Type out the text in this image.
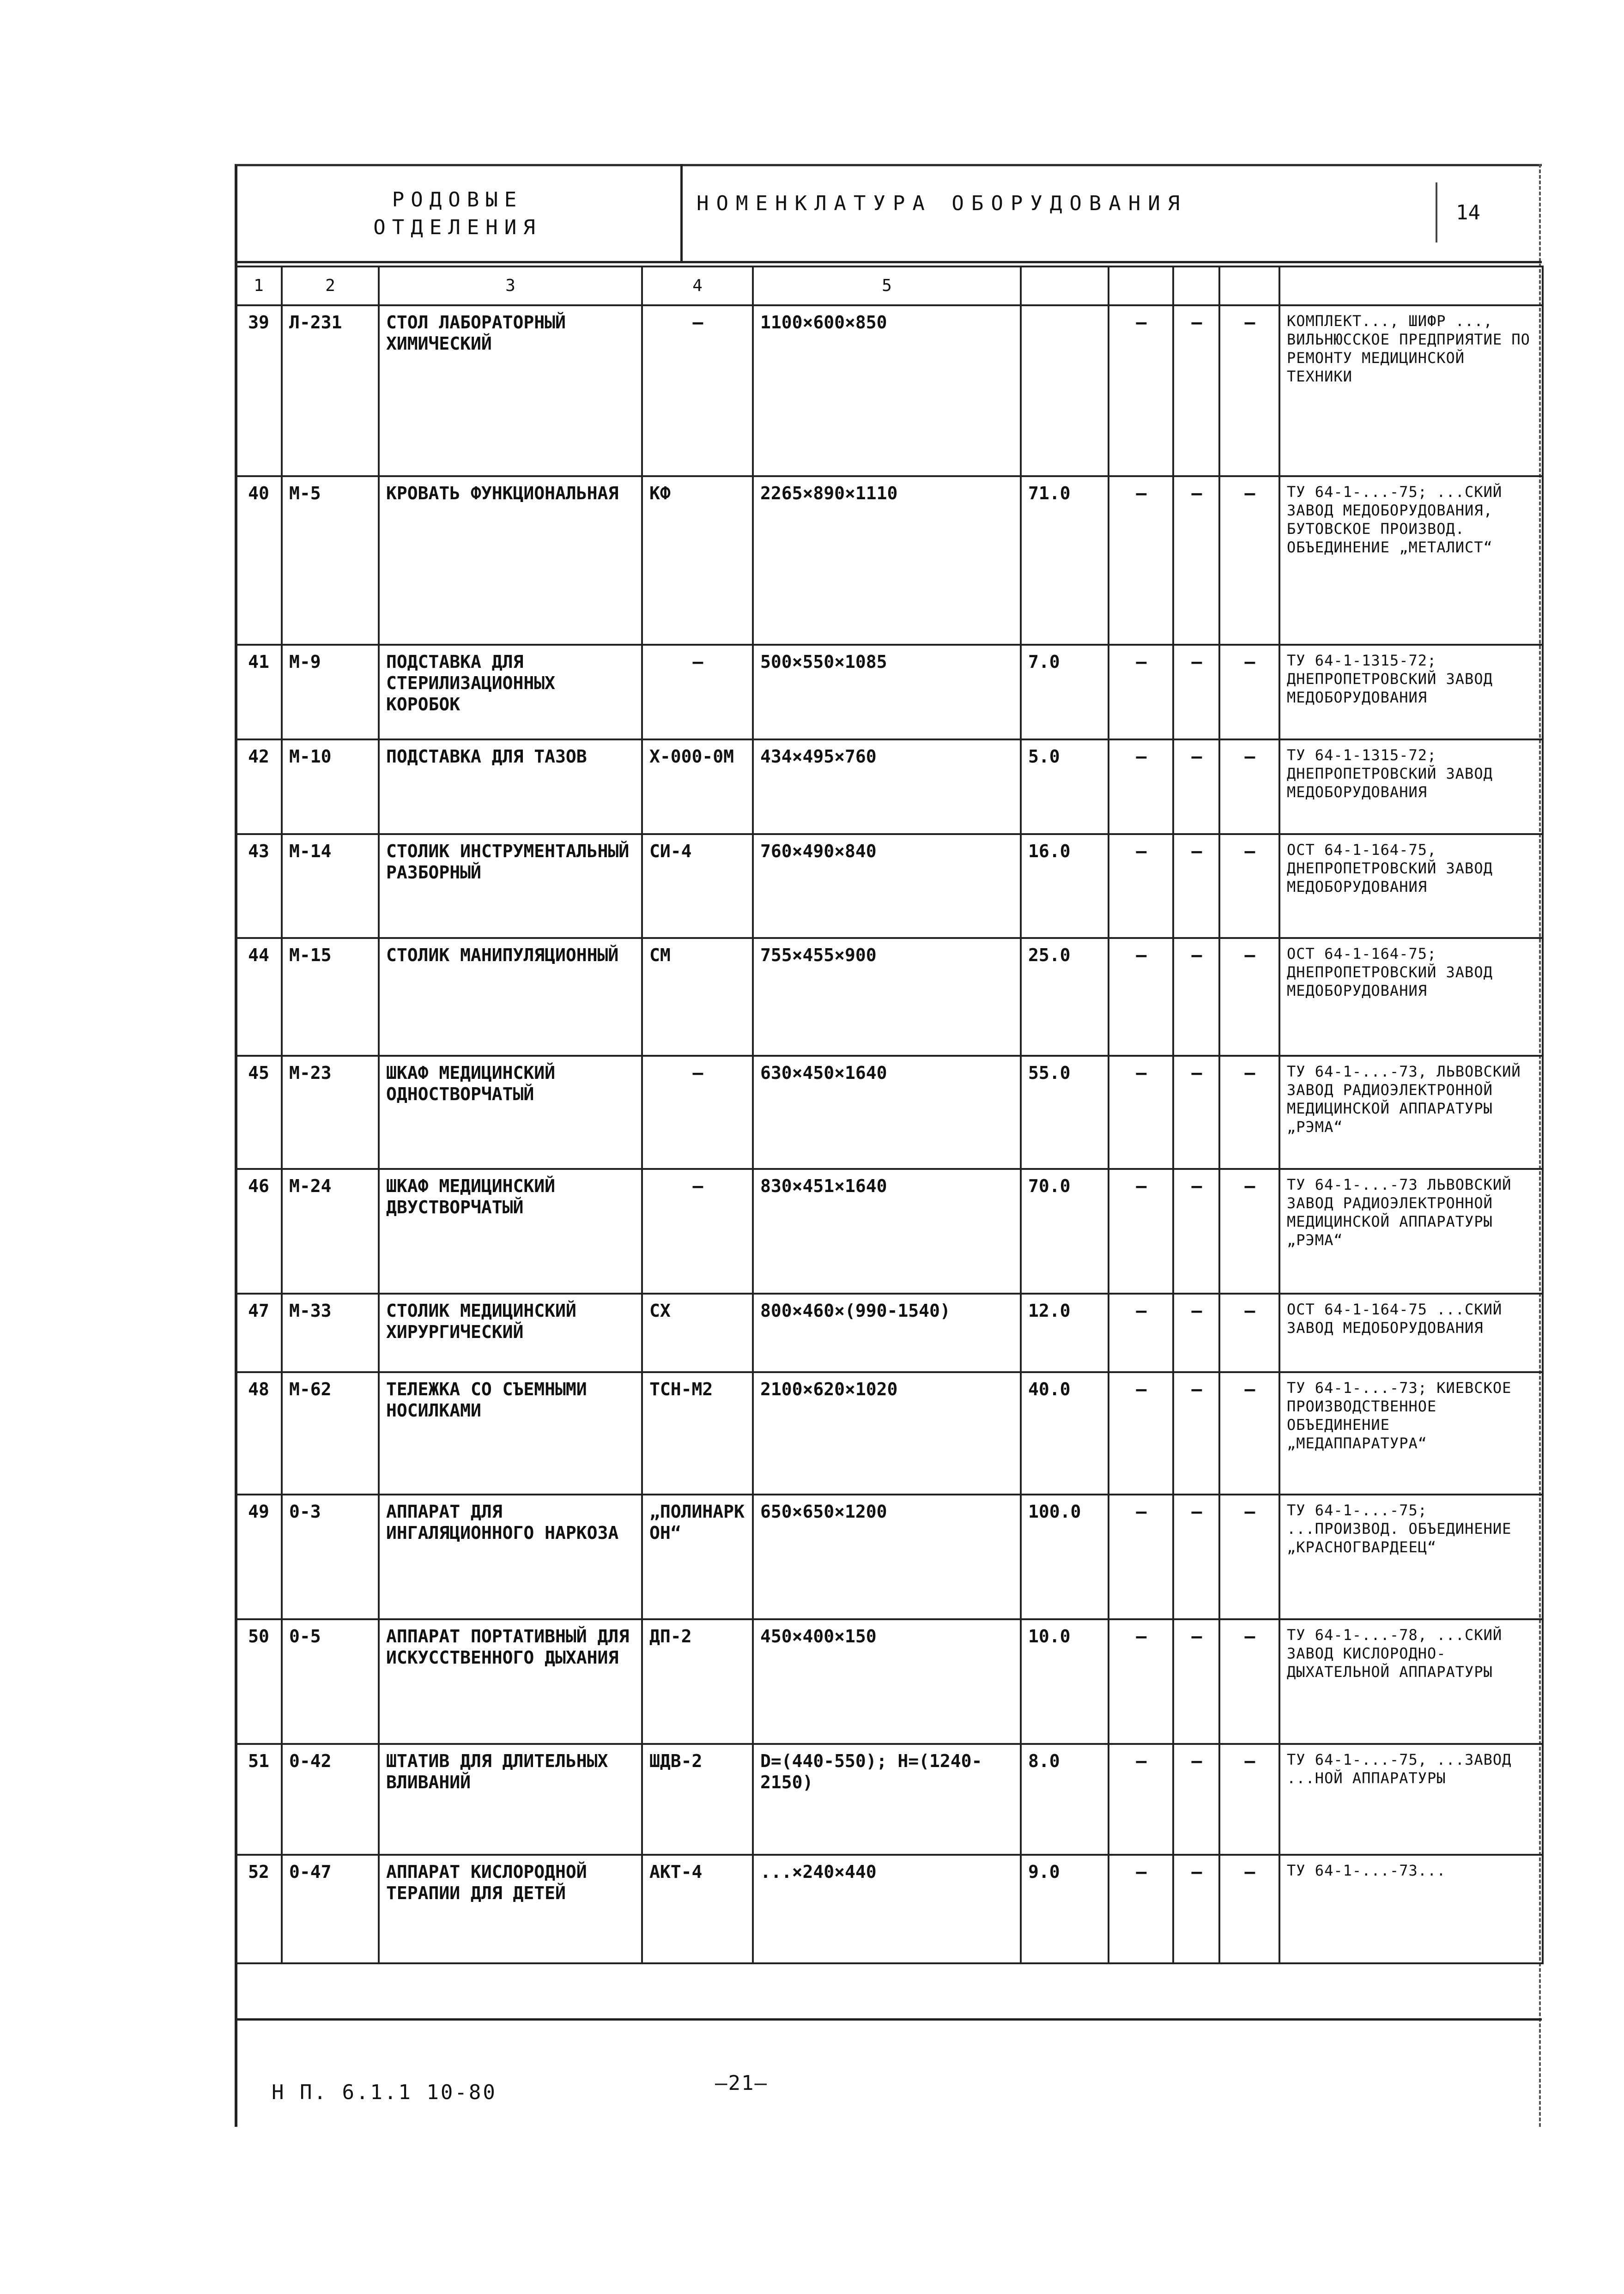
РОДОВЫЕ
ОТДЕЛЕНИЯ
НОМЕНКЛАТУРА ОБОРУДОВАНИЯ	14
1	2	3	4	5					
39	Л-231	СТОЛ ЛАБОРАТОРНЫЙ ХИМИЧЕСКИЙ	—	1100×600×850		—	—	—	КОМПЛЕКТ..., ШИФР ..., ВИЛЬНЮССКОЕ ПРЕДПРИЯТИЕ ПО РЕМОНТУ МЕДИЦИНСКОЙ ТЕХНИКИ
40	М-5	КРОВАТЬ ФУНКЦИОНАЛЬНАЯ	КФ	2265×890×1110	71.0	—	—	—	ТУ 64-1-...-75; ...СКИЙ ЗАВОД МЕДОБОРУДОВАНИЯ, БУТОВСКОЕ ПРОИЗВОД. ОБЪЕДИНЕНИЕ „МЕТАЛИСТ“
41	М-9	ПОДСТАВКА ДЛЯ СТЕРИЛИЗАЦИОННЫХ КОРОБОК	—	500×550×1085	7.0	—	—	—	ТУ 64-1-1315-72; ДНЕПРОПЕТРОВСКИЙ ЗАВОД МЕДОБОРУДОВАНИЯ
42	М-10	ПОДСТАВКА ДЛЯ ТАЗОВ	Х-000-0М	434×495×760	5.0	—	—	—	ТУ 64-1-1315-72; ДНЕПРОПЕТРОВСКИЙ ЗАВОД МЕДОБОРУДОВАНИЯ
43	М-14	СТОЛИК ИНСТРУМЕНТАЛЬНЫЙ РАЗБОРНЫЙ	СИ-4	760×490×840	16.0	—	—	—	ОСТ 64-1-164-75, ДНЕПРОПЕТРОВСКИЙ ЗАВОД МЕДОБОРУДОВАНИЯ
44	М-15	СТОЛИК МАНИПУЛЯЦИОННЫЙ	СМ	755×455×900	25.0	—	—	—	ОСТ 64-1-164-75; ДНЕПРОПЕТРОВСКИЙ ЗАВОД МЕДОБОРУДОВАНИЯ
45	М-23	ШКАФ МЕДИЦИНСКИЙ ОДНОСТВОРЧАТЫЙ	—	630×450×1640	55.0	—	—	—	ТУ 64-1-...-73, ЛЬВОВСКИЙ ЗАВОД РАДИОЭЛЕКТРОННОЙ МЕДИЦИНСКОЙ АППАРАТУРЫ „РЭМА“
46	М-24	ШКАФ МЕДИЦИНСКИЙ ДВУСТВОРЧАТЫЙ	—	830×451×1640	70.0	—	—	—	ТУ 64-1-...-73 ЛЬВОВСКИЙ ЗАВОД РАДИОЭЛЕКТРОННОЙ МЕДИЦИНСКОЙ АППАРАТУРЫ „РЭМА“
47	М-33	СТОЛИК МЕДИЦИНСКИЙ ХИРУРГИЧЕСКИЙ	СХ	800×460×(990-1540)	12.0	—	—	—	ОСТ 64-1-164-75 ...СКИЙ ЗАВОД МЕДОБОРУДОВАНИЯ
48	М-62	ТЕЛЕЖКА СО СЪЕМНЫМИ НОСИЛКАМИ	ТСН-М2	2100×620×1020	40.0	—	—	—	ТУ 64-1-...-73; КИЕВСКОЕ ПРОИЗВОДСТВЕННОЕ ОБЪЕДИНЕНИЕ „МЕДАППАРАТУРА“
49	0-3	АППАРАТ ДЛЯ ИНГАЛЯЦИОННОГО НАРКОЗА	„ПОЛИНАРКОН“	650×650×1200	100.0	—	—	—	ТУ 64-1-...-75; ...ПРОИЗВОД. ОБЪЕДИНЕНИЕ „КРАСНОГВАРДЕЕЦ“
50	0-5	АППАРАТ ПОРТАТИВНЫЙ ДЛЯ ИСКУССТВЕННОГО ДЫХАНИЯ	ДП-2	450×400×150	10.0	—	—	—	ТУ 64-1-...-78, ...СКИЙ ЗАВОД КИСЛОРОДНО-ДЫХАТЕЛЬНОЙ АППАРАТУРЫ
51	0-42	ШТАТИВ ДЛЯ ДЛИТЕЛЬНЫХ ВЛИВАНИЙ	ШДВ-2	D=(440-550); H=(1240-2150)	8.0	—	—	—	ТУ 64-1-...-75, ...ЗАВОД ...НОЙ АППАРАТУРЫ
52	0-47	АППАРАТ КИСЛОРОДНОЙ ТЕРАПИИ ДЛЯ ДЕТЕЙ	АКТ-4	...×240×440	9.0	—	—	—	ТУ 64-1-...-73...
Н П. 6.1.1 10-80	—21—
